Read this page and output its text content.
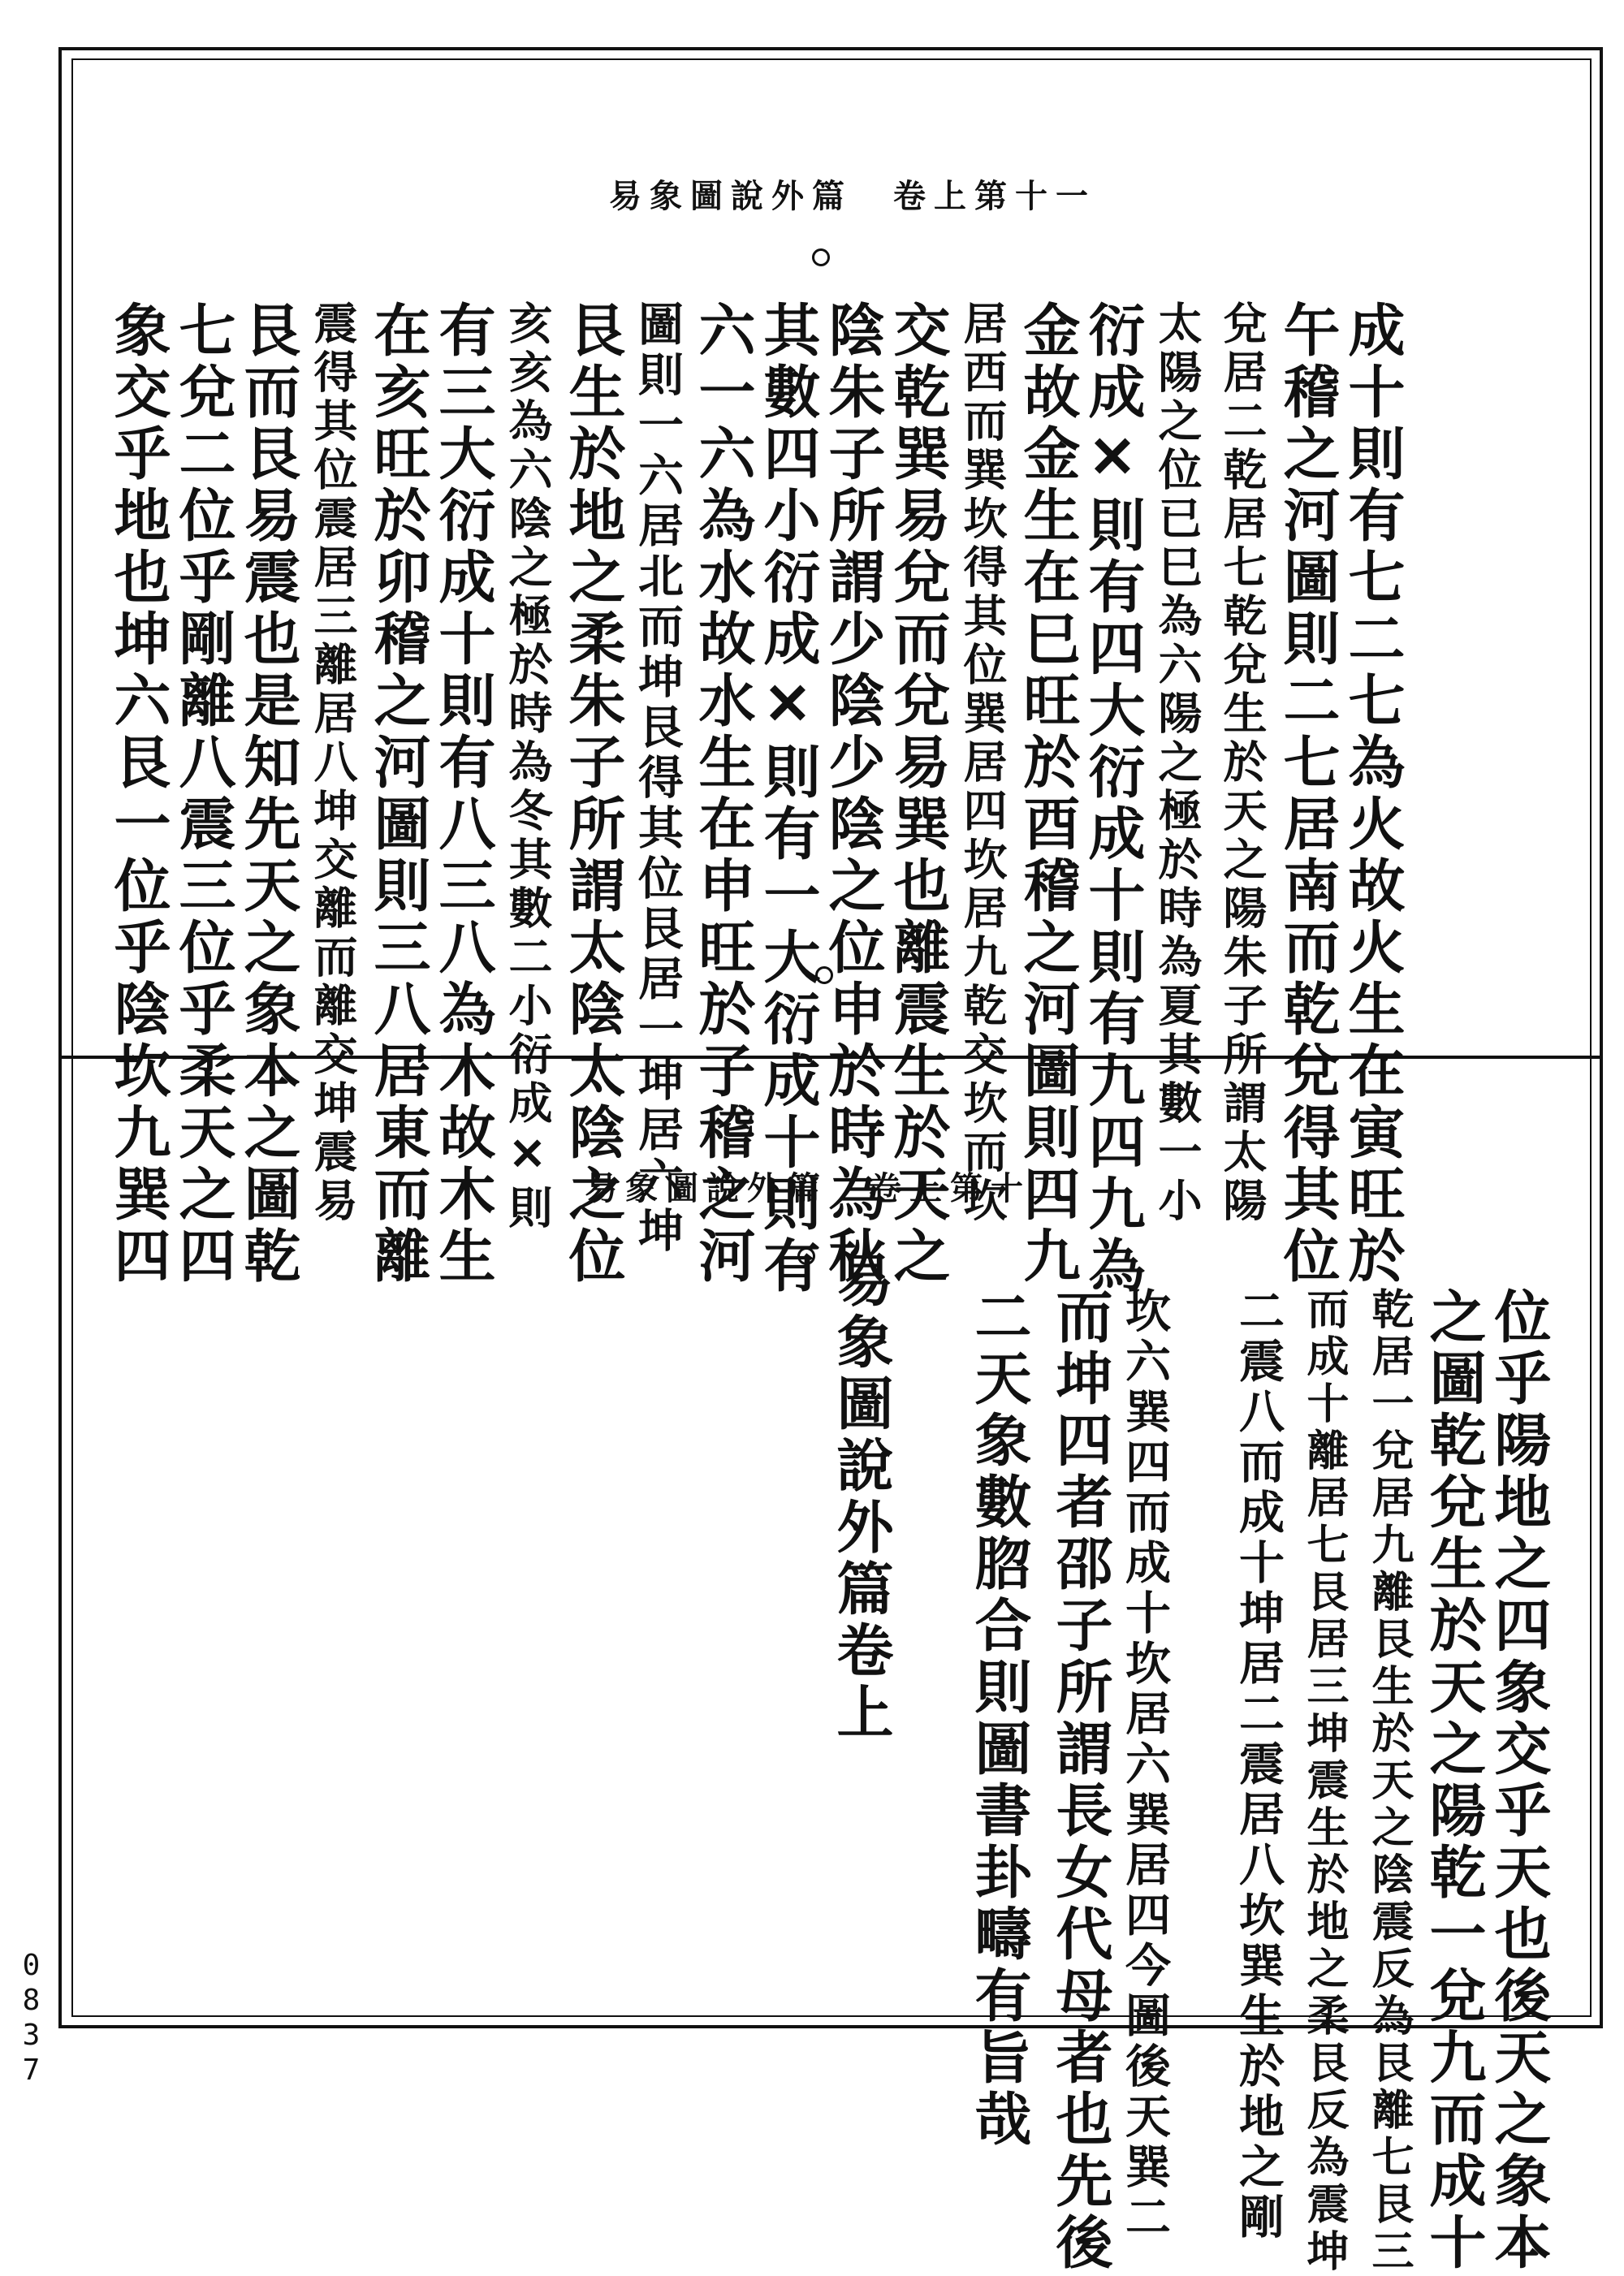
易象圖說外篇　卷上第十一
成十則有七二七為火故火生在寅旺於
午稽之河圖則二七居南而乾兌得其位
兌居二乾居七乾兌生於天之陽朱子所謂太陽
太陽之位已巳為六陽之極於時為夏其數一小
衍成✕則有四大衍成十則有九四九為
金故金生在巳旺於酉稽之河圖則四九
居西而巽坎得其位巽居四坎居九乾交坎而坎
交乾巽易兌而兌易巽也離震生於天之
陰朱子所謂少陰少陰之位申於時為秋
其數四小衍成✕則有一大衍成十則有
六一六為水故水生在申旺於子稽之河
圖則一六居北而坤艮得其位艮居一坤居六坤
艮生於地之柔朱子所謂太陰太陰之位
亥亥為六陰之極於時為冬其數二小衍成✕則
有三大衍成十則有八三八為木故木生
在亥旺於卯稽之河圖則三八居東而離
震得其位震居三離居八坤交離而離交坤震易
艮而艮易震也是知先天之象本之圖乾
七兌二位乎剛離八震三位乎柔天之四
象交乎地也坤六艮一位乎陰坎九巽四	易象圖說外篇　卷上第十二
位乎陽地之四象交乎天也後天之象本
之圖乾兌生於天之陽乾一兌九而成十
乾居一兌居九離艮生於天之陰震反為艮離七艮三
而成十離居七艮居三坤震生於地之柔艮反為震坤
二震八而成十坤居二震居八坎巽生於地之剛
坎六巽四而成十坎居六巽居四今圖後天巽二
而坤四者邵子所謂長女代母者也先後
二天象數脗合則圖書卦疇有旨哉
易象圖說外篇卷上
0837
